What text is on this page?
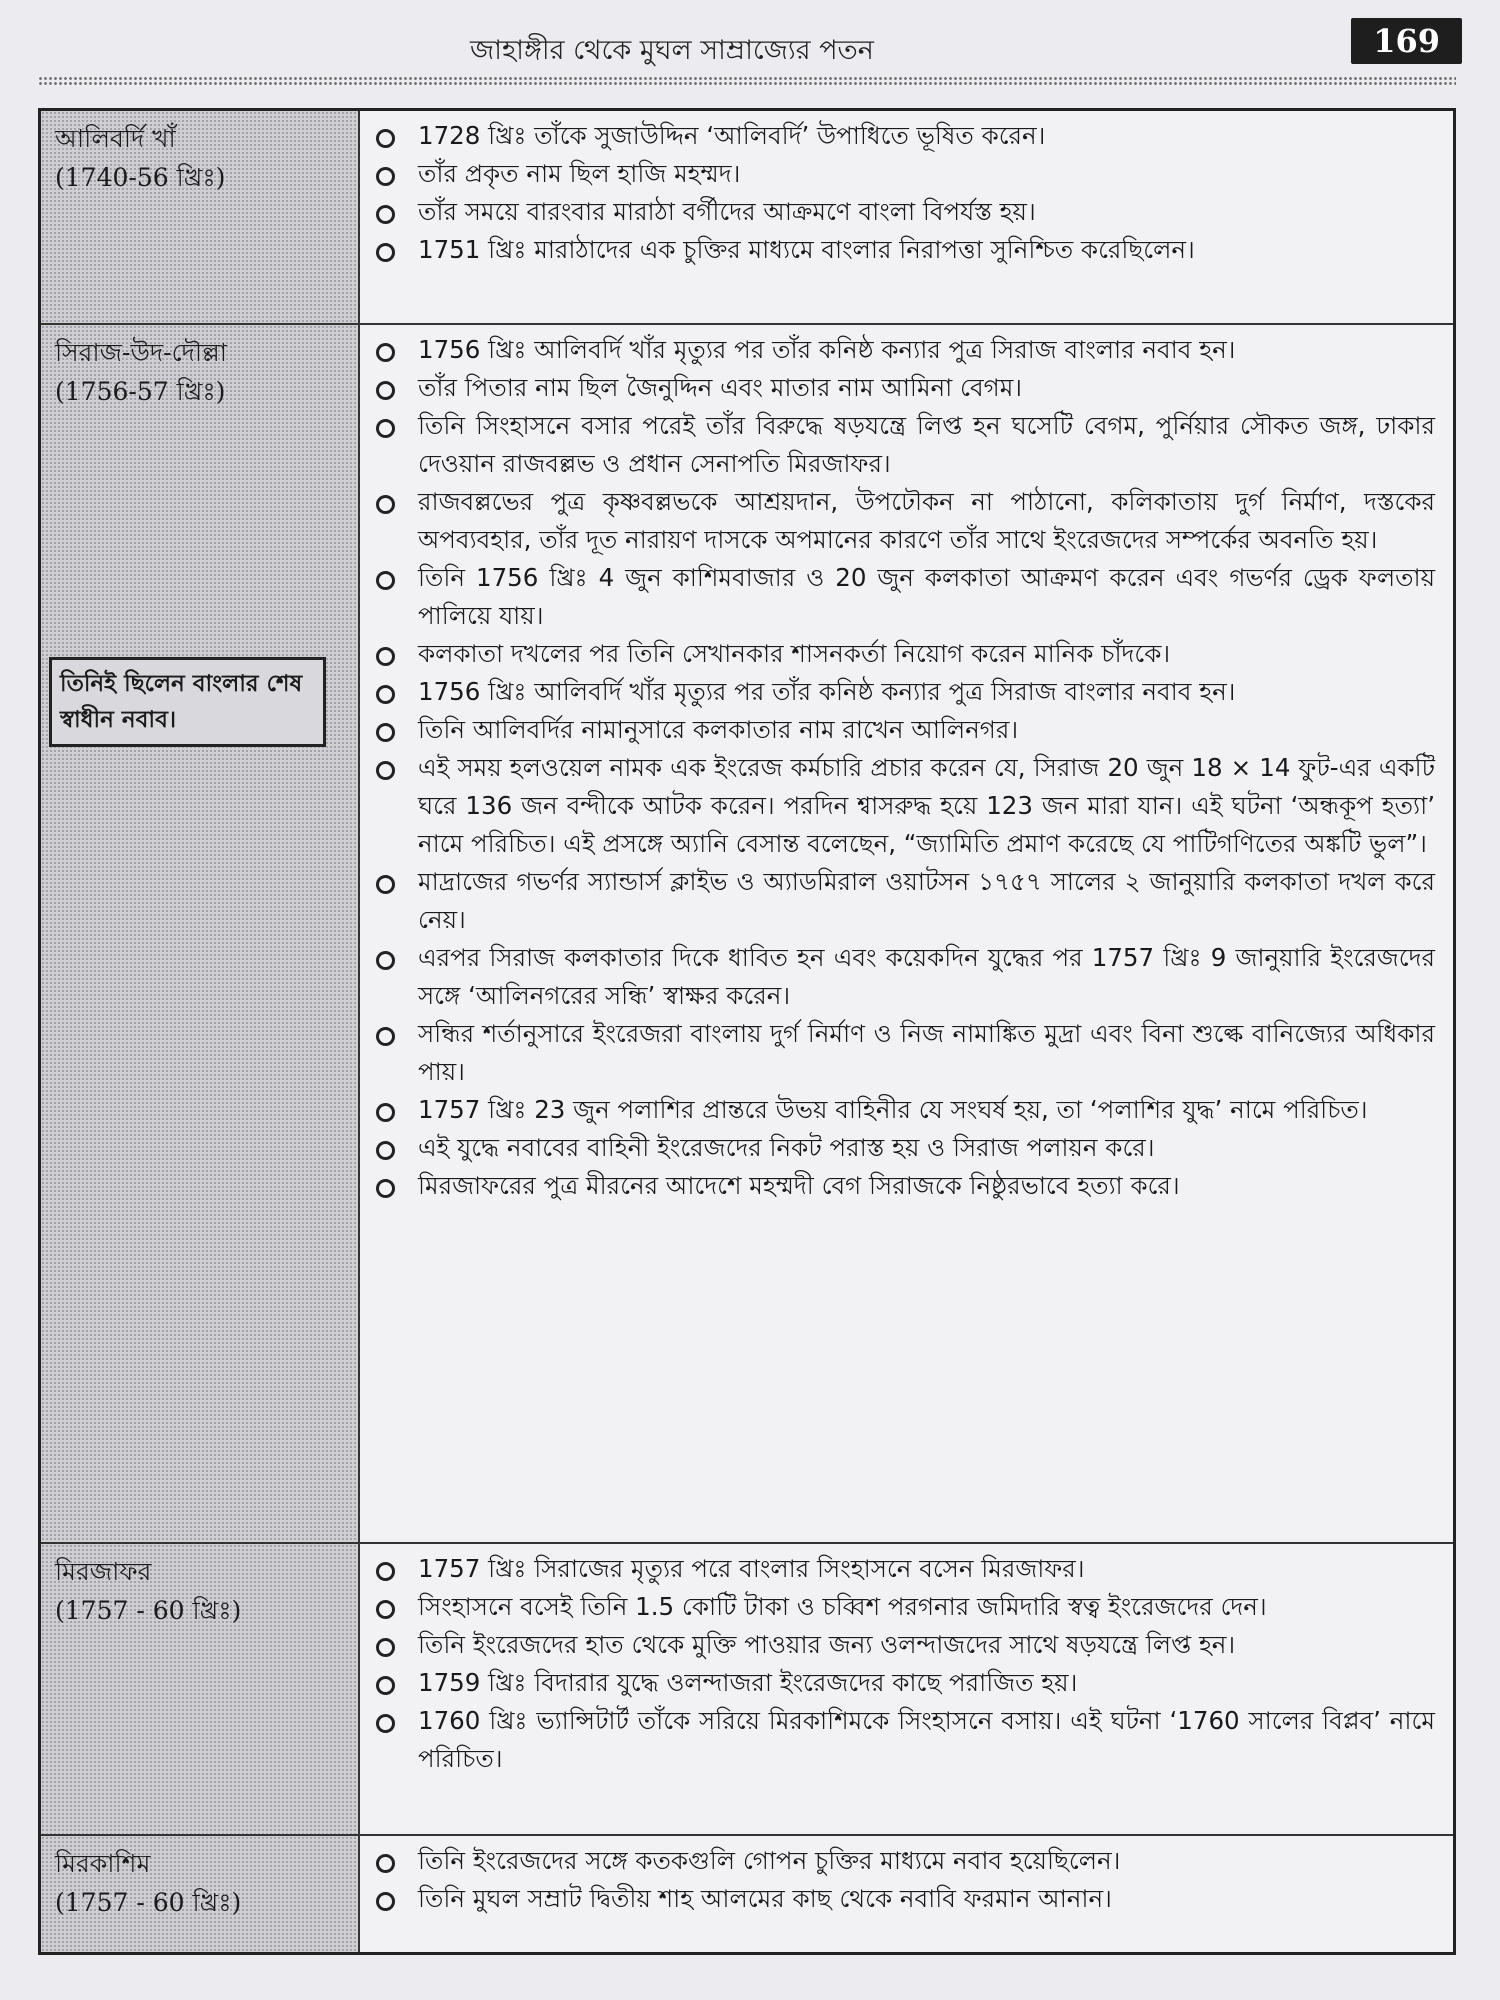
জাহাঙ্গীর থেকে মুঘল সাম্রাজ্যের পতন	169
আলিবর্দি খাঁ
(1740-56 খ্রিঃ)
1728 খ্রিঃ তাঁকে সুজাউদ্দিন ‘আলিবর্দি’ উপাধিতে ভূষিত করেন।
তাঁর প্রকৃত নাম ছিল হাজি মহম্মদ।
তাঁর সময়ে বারংবার মারাঠা বর্গীদের আক্রমণে বাংলা বিপর্যস্ত হয়।
1751 খ্রিঃ মারাঠাদের এক চুক্তির মাধ্যমে বাংলার নিরাপত্তা সুনিশ্চিত করেছিলেন।
সিরাজ-উদ-দৌল্লা
(1756-57 খ্রিঃ)
তিনিই ছিলেন বাংলার শেষ স্বাধীন নবাব।
1756 খ্রিঃ আলিবর্দি খাঁর মৃত্যুর পর তাঁর কনিষ্ঠ কন্যার পুত্র সিরাজ বাংলার নবাব হন।
তাঁর পিতার নাম ছিল জৈনুদ্দিন এবং মাতার নাম আমিনা বেগম।
তিনি সিংহাসনে বসার পরেই তাঁর বিরুদ্ধে ষড়যন্ত্রে লিপ্ত হন ঘসেটি বেগম, পুর্নিয়ার সৌকত জঙ্গ, ঢাকার দেওয়ান রাজবল্লভ ও প্রধান সেনাপতি মিরজাফর।
রাজবল্লভের পুত্র কৃষ্ণবল্লভকে আশ্রয়দান, উপঢৌকন না পাঠানো, কলিকাতায় দুর্গ নির্মাণ, দস্তকের অপব্যবহার, তাঁর দূত নারায়ণ দাসকে অপমানের কারণে তাঁর সাথে ইংরেজদের সম্পর্কের অবনতি হয়।
তিনি 1756 খ্রিঃ 4 জুন কাশিমবাজার ও 20 জুন কলকাতা আক্রমণ করেন এবং গভর্ণর ড্রেক ফলতায় পালিয়ে যায়।
কলকাতা দখলের পর তিনি সেখানকার শাসনকর্তা নিয়োগ করেন মানিক চাঁদকে।
1756 খ্রিঃ আলিবর্দি খাঁর মৃত্যুর পর তাঁর কনিষ্ঠ কন্যার পুত্র সিরাজ বাংলার নবাব হন।
তিনি আলিবর্দির নামানুসারে কলকাতার নাম রাখেন আলিনগর।
এই সময় হলওয়েল নামক এক ইংরেজ কর্মচারি প্রচার করেন যে, সিরাজ 20 জুন 18 × 14 ফুট-এর একটি ঘরে 136 জন বন্দীকে আটক করেন। পরদিন শ্বাসরুদ্ধ হয়ে 123 জন মারা যান। এই ঘটনা ‘অন্ধকূপ হত্যা’ নামে পরিচিত। এই প্রসঙ্গে অ্যানি বেসান্ত বলেছেন, “জ্যামিতি প্রমাণ করেছে যে পাটিগণিতের অঙ্কটি ভুল”।
মাদ্রাজের গভর্ণর স্যান্ডার্স ক্লাইভ ও অ্যাডমিরাল ওয়াটসন ১৭৫৭ সালের ২ জানুয়ারি কলকাতা দখল করে নেয়।
এরপর সিরাজ কলকাতার দিকে ধাবিত হন এবং কয়েকদিন যুদ্ধের পর 1757 খ্রিঃ 9 জানুয়ারি ইংরেজদের সঙ্গে ‘আলিনগরের সন্ধি’ স্বাক্ষর করেন।
সন্ধির শর্তানুসারে ইংরেজরা বাংলায় দুর্গ নির্মাণ ও নিজ নামাঙ্কিত মুদ্রা এবং বিনা শুল্কে বানিজ্যের অধিকার পায়।
1757 খ্রিঃ 23 জুন পলাশির প্রান্তরে উভয় বাহিনীর যে সংঘর্ষ হয়, তা ‘পলাশির যুদ্ধ’ নামে পরিচিত।
এই যুদ্ধে নবাবের বাহিনী ইংরেজদের নিকট পরাস্ত হয় ও সিরাজ পলায়ন করে।
মিরজাফরের পুত্র মীরনের আদেশে মহম্মদী বেগ সিরাজকে নিষ্ঠুরভাবে হত্যা করে।
মিরজাফর
(1757 - 60 খ্রিঃ)
1757 খ্রিঃ সিরাজের মৃত্যুর পরে বাংলার সিংহাসনে বসেন মিরজাফর।
সিংহাসনে বসেই তিনি 1.5 কোটি টাকা ও চব্বিশ পরগনার জমিদারি স্বত্ব ইংরেজদের দেন।
তিনি ইংরেজদের হাত থেকে মুক্তি পাওয়ার জন্য ওলন্দাজদের সাথে ষড়যন্ত্রে লিপ্ত হন।
1759 খ্রিঃ বিদারার যুদ্ধে ওলন্দাজরা ইংরেজদের কাছে পরাজিত হয়।
1760 খ্রিঃ ভ্যান্সিটার্ট তাঁকে সরিয়ে মিরকাশিমকে সিংহাসনে বসায়। এই ঘটনা ‘1760 সালের বিপ্লব’ নামে পরিচিত।
মিরকাশিম
(1757 - 60 খ্রিঃ)
তিনি ইংরেজদের সঙ্গে কতকগুলি গোপন চুক্তির মাধ্যমে নবাব হয়েছিলেন।
তিনি মুঘল সম্রাট দ্বিতীয় শাহ আলমের কাছ থেকে নবাবি ফরমান আনান।
